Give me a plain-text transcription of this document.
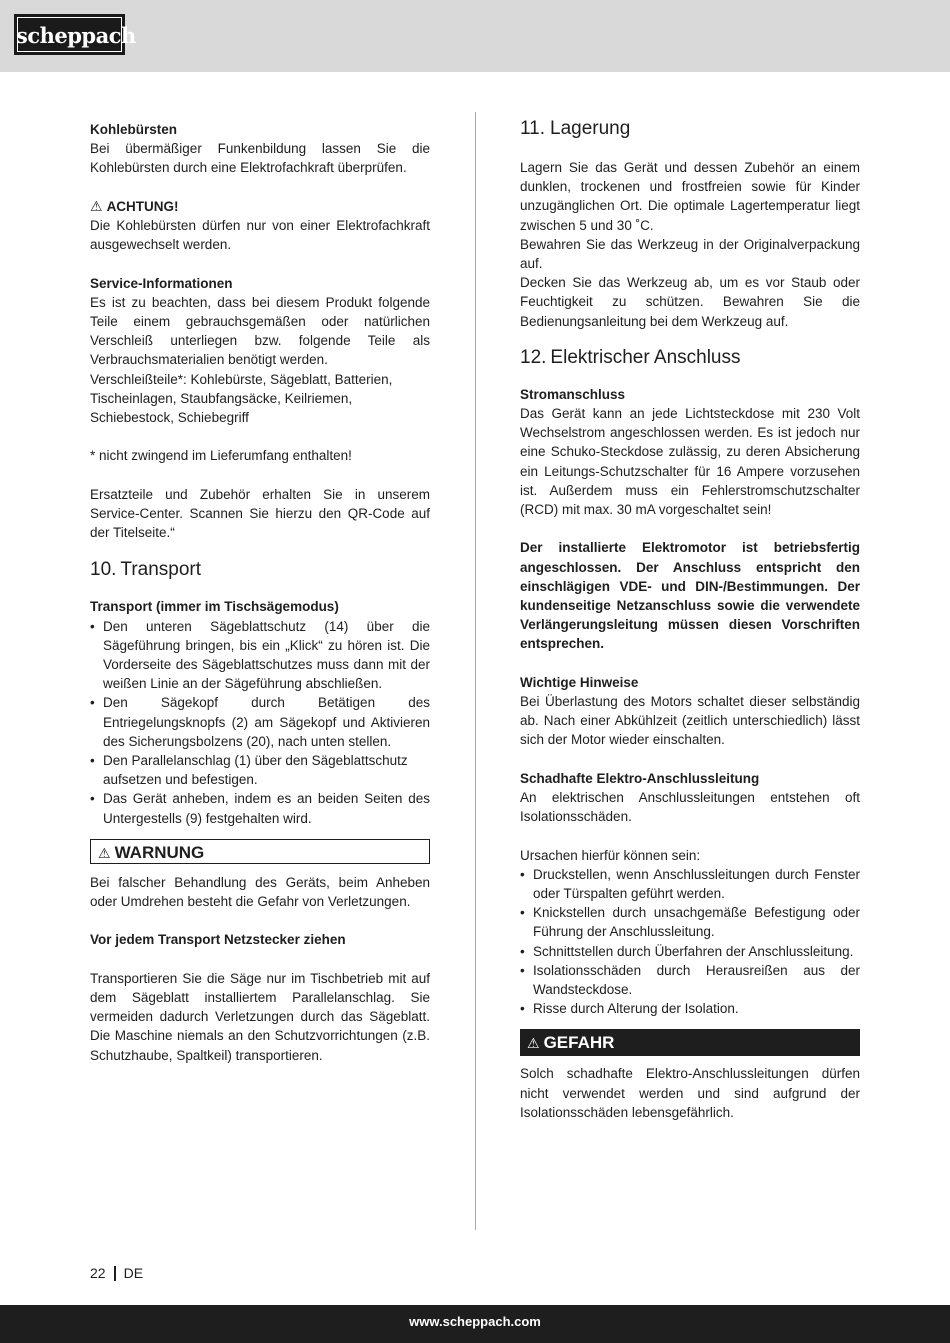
scheppach

Kohlebürsten

Bei übermäßiger Funkenbildung lassen Sie die Kohlebürsten durch eine Elektrofachkraft überprüfen.

⚠ ACHTUNG!

Die Kohlebürsten dürfen nur von einer Elektrofachkraft ausgewechselt werden.

Service-Informationen

Es ist zu beachten, dass bei diesem Produkt folgende Teile einem gebrauchsgemäßen oder natürlichen Verschleiß unterliegen bzw. folgende Teile als Verbrauchsmaterialien benötigt werden.

Verschleißteile*: Kohlebürste, Sägeblatt, Batterien, Tischeinlagen, Staubfangsäcke, Keilriemen, Schiebestock, Schiebegriff

* nicht zwingend im Lieferumfang enthalten!

Ersatzteile und Zubehör erhalten Sie in unserem Service-Center. Scannen Sie hierzu den QR-Code auf der Titelseite.“

10. Transport

Transport (immer im Tischsägemodus)

• Den unteren Sägeblattschutz (14) über die Sägeführung bringen, bis ein „Klick“ zu hören ist. Die Vorderseite des Sägeblattschutzes muss dann mit der weißen Linie an der Sägeführung abschließen.
• Den Sägekopf durch Betätigen des Entriegelungsknopfs (2) am Sägekopf und Aktivieren des Sicherungsbolzens (20), nach unten stellen.
• Den Parallelanschlag (1) über den Sägeblattschutz aufsetzen und befestigen.
• Das Gerät anheben, indem es an beiden Seiten des Untergestells (9) festgehalten wird.
⚠ WARNUNG

Bei falscher Behandlung des Geräts, beim Anheben oder Umdrehen besteht die Gefahr von Verletzungen.

Vor jedem Transport Netzstecker ziehen

Transportieren Sie die Säge nur im Tischbetrieb mit auf dem Sägeblatt installiertem Parallelanschlag. Sie vermeiden dadurch Verletzungen durch das Sägeblatt. Die Maschine niemals an den Schutzvorrichtungen (z.B. Schutzhaube, Spaltkeil) transportieren.

11. Lagerung

Lagern Sie das Gerät und dessen Zubehör an einem dunklen, trockenen und frostfreien sowie für Kinder unzugänglichen Ort. Die optimale Lagertemperatur liegt zwischen 5 und 30 ˚C.

Bewahren Sie das Werkzeug in der Originalverpackung auf.

Decken Sie das Werkzeug ab, um es vor Staub oder Feuchtigkeit zu schützen. Bewahren Sie die Bedienungsanleitung bei dem Werkzeug auf.

12. Elektrischer Anschluss

Stromanschluss

Das Gerät kann an jede Lichtsteckdose mit 230 Volt Wechselstrom angeschlossen werden. Es ist jedoch nur eine Schuko-Steckdose zulässig, zu deren Absicherung ein Leitungs-Schutzschalter für 16 Ampere vorzusehen ist. Außerdem muss ein Fehlerstromschutzschalter (RCD) mit max. 30 mA vorgeschaltet sein!

Der installierte Elektromotor ist betriebsfertig angeschlossen. Der Anschluss entspricht den einschlägigen VDE- und DIN-/Bestimmungen. Der kundenseitige Netzanschluss sowie die verwendete Verlängerungsleitung müssen diesen Vorschriften entsprechen.

Wichtige Hinweise

Bei Überlastung des Motors schaltet dieser selbständig ab. Nach einer Abkühlzeit (zeitlich unterschiedlich) lässt sich der Motor wieder einschalten.

Schadhafte Elektro-Anschlussleitung

An elektrischen Anschlussleitungen entstehen oft Isolationsschäden.

Ursachen hierfür können sein:

• Druckstellen, wenn Anschlussleitungen durch Fenster oder Türspalten geführt werden.
• Knickstellen durch unsachgemäße Befestigung oder Führung der Anschlussleitung.
• Schnittstellen durch Überfahren der Anschlussleitung.
• Isolationsschäden durch Herausreißen aus der Wandsteckdose.
• Risse durch Alterung der Isolation.
⚠ GEFAHR

Solch schadhafte Elektro-Anschlussleitungen dürfen nicht verwendet werden und sind aufgrund der Isolationsschäden lebensgefährlich.

22 DE
www.scheppach.com
